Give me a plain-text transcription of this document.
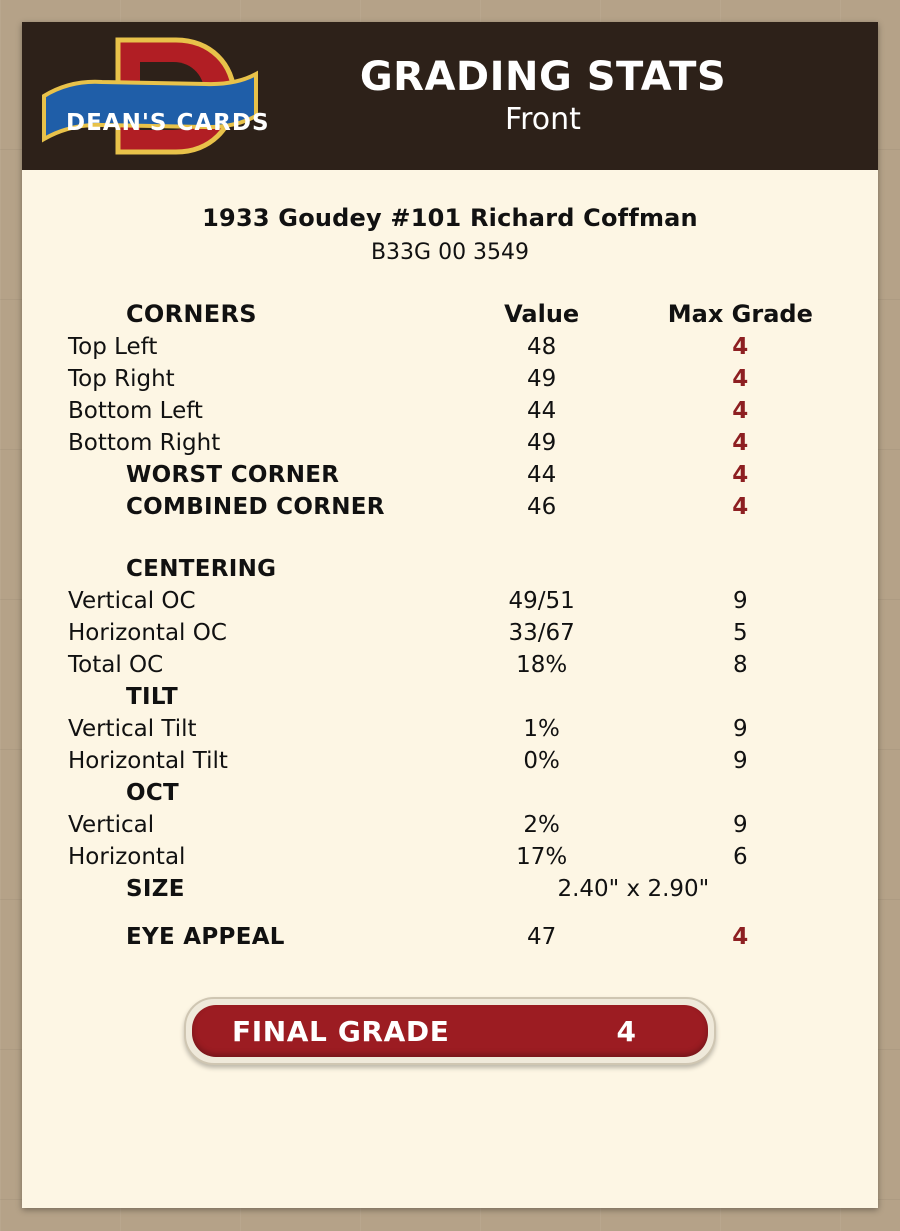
DEAN'S CARDS
GRADING STATS
Front
1933 Goudey #101 Richard Coffman
B33G 00 3549
CORNERS	Value	Max Grade
Top Left	48	4
Top Right	49	4
Bottom Left	44	4
Bottom Right	49	4
WORST CORNER	44	4
COMBINED CORNER	46	4

CENTERING		
Vertical OC	49/51	9
Horizontal OC	33/67	5
Total OC	18%	8
TILT		
Vertical Tilt	1%	9
Horizontal Tilt	0%	9
OCT		
Vertical	2%	9
Horizontal	17%	6
SIZE	2.40" x 2.90"	

EYE APPEAL	47	4
FINAL GRADE	4
